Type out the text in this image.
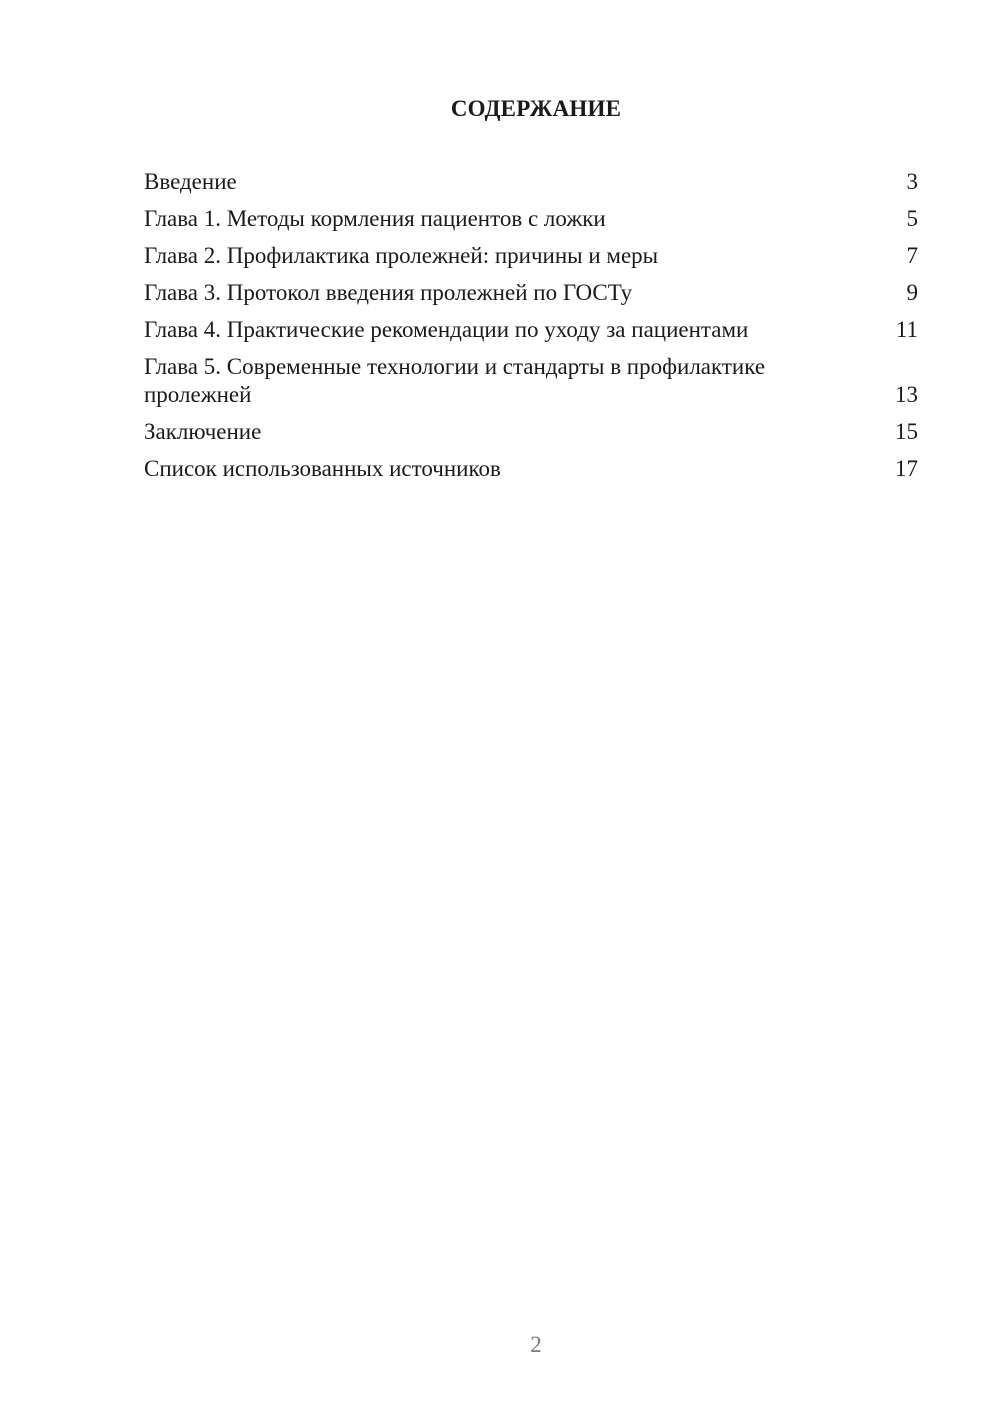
СОДЕРЖАНИЕ
Введение	3
Глава 1. Методы кормления пациентов с ложки	5
Глава 2. Профилактика пролежней: причины и меры	7
Глава 3. Протокол введения пролежней по ГОСТу	9
Глава 4. Практические рекомендации по уходу за пациентами	11
Глава 5. Современные технологии и стандарты в профилактике пролежней	13
Заключение	15
Список использованных источников	17
2
